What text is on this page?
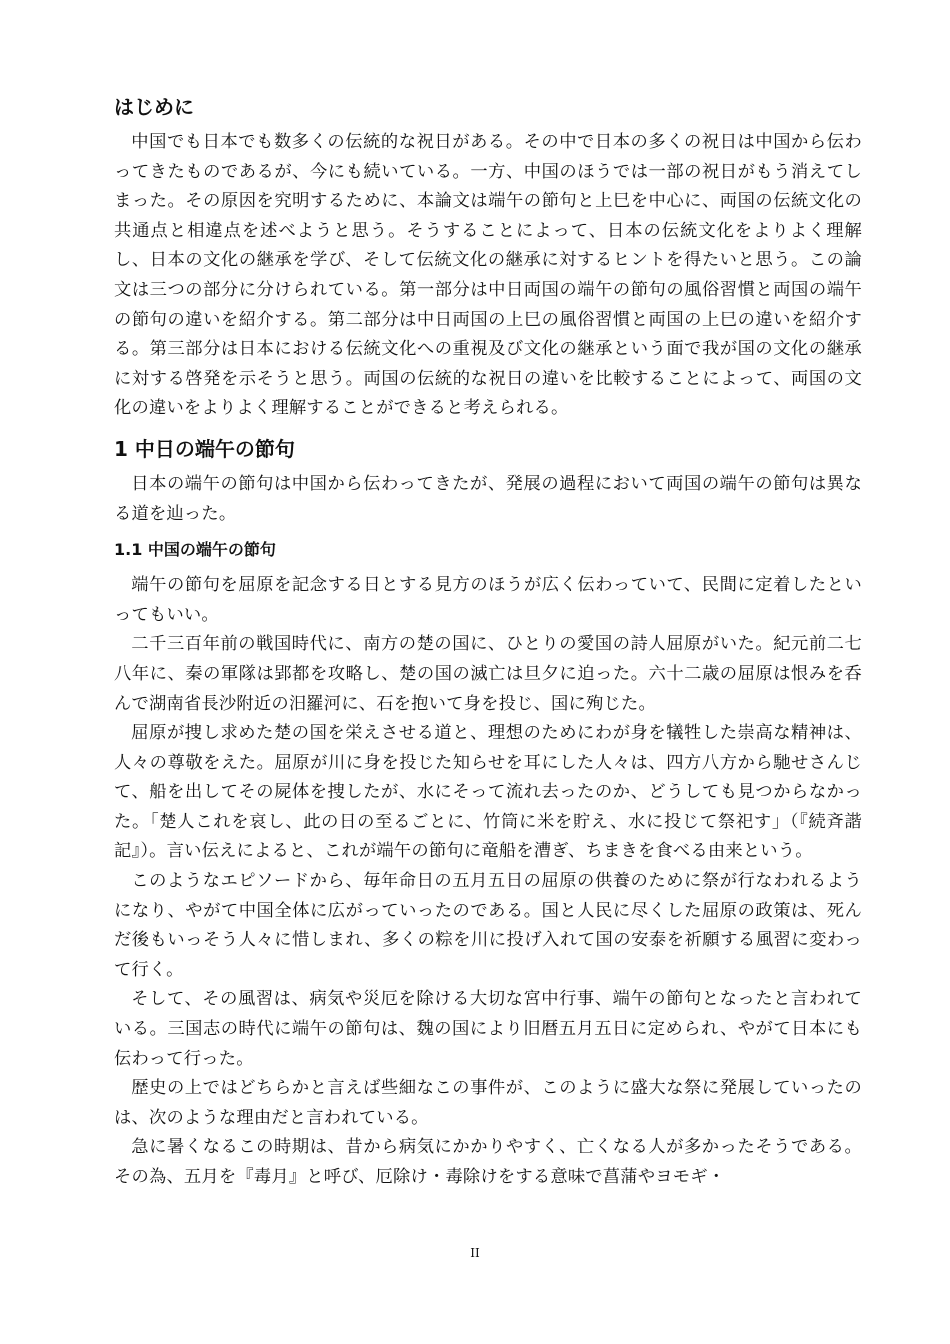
はじめに

中国でも日本でも数多くの伝統的な祝日がある。その中で日本の多くの祝日は中国から伝わってきたものであるが、今にも続いている。一方、中国のほうでは一部の祝日がもう消えてしまった。その原因を究明するために、本論文は端午の節句と上巳を中心に、両国の伝統文化の共通点と相違点を述べようと思う。そうすることによって、日本の伝統文化をよりよく理解し、日本の文化の継承を学び、そして伝統文化の継承に対するヒントを得たいと思う。この論文は三つの部分に分けられている。第一部分は中日両国の端午の節句の風俗習慣と両国の端午の節句の違いを紹介する。第二部分は中日両国の上巳の風俗習慣と両国の上巳の違いを紹介する。第三部分は日本における伝統文化への重視及び文化の継承という面で我が国の文化の継承に対する啓発を示そうと思う。両国の伝統的な祝日の違いを比較することによって、両国の文化の違いをよりよく理解することができると考えられる。

1 中日の端午の節句

日本の端午の節句は中国から伝わってきたが、発展の過程において両国の端午の節句は異なる道を辿った。

1.1 中国の端午の節句

端午の節句を屈原を記念する日とする見方のほうが広く伝わっていて、民間に定着したといってもいい。

二千三百年前の戦国時代に、南方の楚の国に、ひとりの愛国の詩人屈原がいた。紀元前二七八年に、秦の軍隊は郢都を攻略し、楚の国の滅亡は旦夕に迫った。六十二歳の屈原は恨みを呑んで湖南省長沙附近の汨羅河に、石を抱いて身を投じ、国に殉じた。

屈原が捜し求めた楚の国を栄えさせる道と、理想のためにわが身を犠牲した崇高な精神は、人々の尊敬をえた。屈原が川に身を投じた知らせを耳にした人々は、四方八方から馳せさんじて、船を出してその屍体を捜したが、水にそって流れ去ったのか、どうしても見つからなかった。「楚人これを哀し、此の日の至るごとに、竹筒に米を貯え、水に投じて祭祀す」（『続斉諧記』）。言い伝えによると、これが端午の節句に竜船を漕ぎ、ちまきを食べる由来という。

このようなエピソードから、毎年命日の五月五日の屈原の供養のために祭が行なわれるようになり、やがて中国全体に広がっていったのである。国と人民に尽くした屈原の政策は、死んだ後もいっそう人々に惜しまれ、多くの粽を川に投げ入れて国の安泰を祈願する風習に変わって行く。

そして、その風習は、病気や災厄を除ける大切な宮中行事、端午の節句となったと言われている。三国志の時代に端午の節句は、魏の国により旧暦五月五日に定められ、やがて日本にも伝わって行った。

歴史の上ではどちらかと言えば些細なこの事件が、このように盛大な祭に発展していったのは、次のような理由だと言われている。

急に暑くなるこの時期は、昔から病気にかかりやすく、亡くなる人が多かったそうである。その為、五月を『毒月』と呼び、厄除け・毒除けをする意味で菖蒲やヨモギ・

II
